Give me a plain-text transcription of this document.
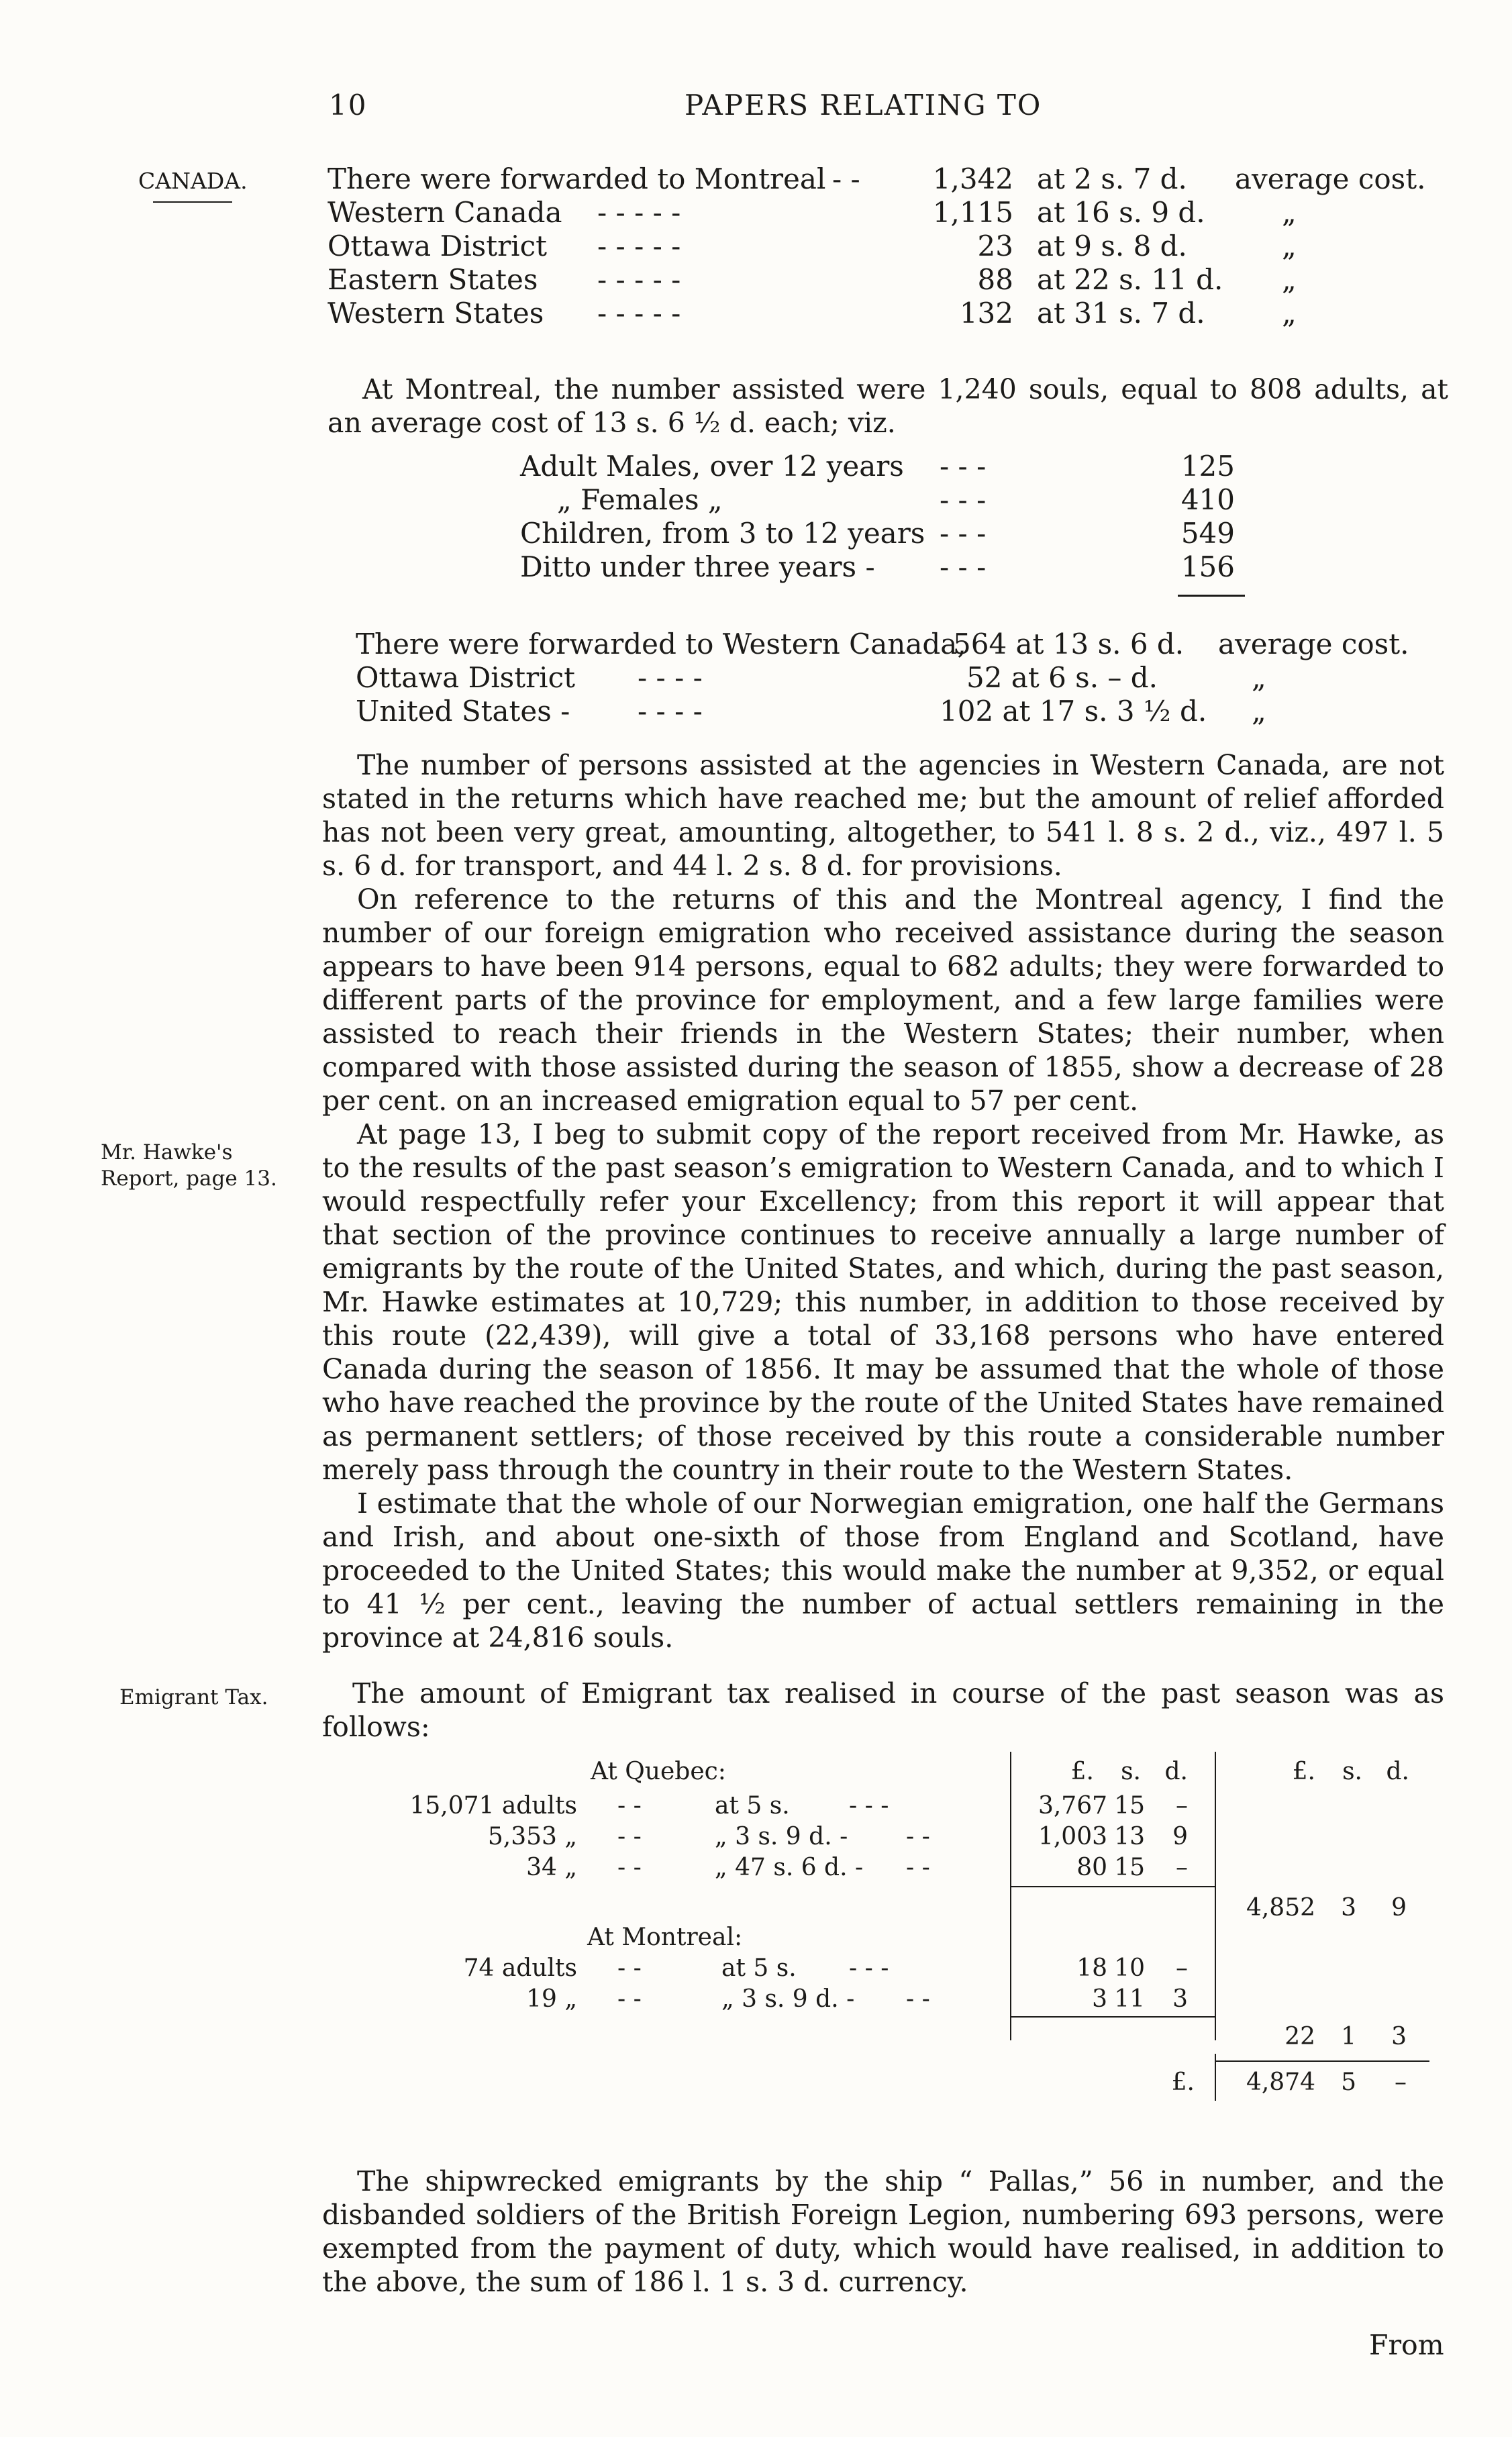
10	PAPERS RELATING TO
CANADA.
Mr. Hawke's
Report, page 13.
Emigrant Tax.
There were forwarded to Montreal - -	1,342 at 2 s. 7 d. average cost.
Western Canada - - - - -	1,115 at 16 s. 9 d.	„
Ottawa District - - - - -	23 at 9 s. 8 d.	„
Eastern States - - - - -	88 at 22 s. 11 d. „
Western States - - - - -	132 at 31 s. 7 d.	„

At Montreal, the number assisted were 1,240 souls, equal to 808 adults, at an average cost of 13 s. 6 ½ d. each; viz.

Adult Males, over 12 years - - -	125
„ Females „	- - -	410
Children, from 3 to 12 years - - -	549
Ditto under three years - - - -	156
There were forwarded to Western Canada,
564 at 13 s. 6 d. average cost.
Ottawa District - - - -	52 at 6 s. – d.	„
United States - - - - -	102 at 17 s. 3 ½ d. „

The number of persons assisted at the agencies in Western Canada, are not stated in the returns which have reached me; but the amount of relief afforded has not been very great, amounting, altogether, to 541 l. 8 s. 2 d., viz., 497 l. 5 s. 6 d. for transport, and 44 l. 2 s. 8 d. for provisions.

On reference to the returns of this and the Montreal agency, I find the number of our foreign emigration who received assistance during the season appears to have been 914 persons, equal to 682 adults; they were forwarded to different parts of the province for employment, and a few large families were assisted to reach their friends in the Western States; their number, when compared with those assisted during the season of 1855, show a decrease of 28 per cent. on an increased emigration equal to 57 per cent.

At page 13, I beg to submit copy of the report received from Mr. Hawke, as to the results of the past season’s emigration to Western Canada, and to which I would respectfully refer your Excellency; from this report it will appear that that section of the province continues to receive annually a large number of emigrants by the route of the United States, and which, during the past season, Mr. Hawke estimates at 10,729; this number, in addition to those received by this route (22,439), will give a total of 33,168 persons who have entered Canada during the season of 1856. It may be assumed that the whole of those who have reached the province by the route of the United States have remained as permanent settlers; of those received by this route a considerable number merely pass through the country in their route to the Western States.

I estimate that the whole of our Norwegian emigration, one half the Germans and Irish, and about one-sixth of those from England and Scotland, have proceeded to the United States; this would make the number at 9,352, or equal to 41 ½ per cent., leaving the number of actual settlers remaining in the province at 24,816 souls.

The amount of Emigrant tax realised in course of the past season was as follows:

At Quebec:	£.	s. d.	£.	s. d.
15,071 adults - -	at 5 s. - - -	3,767 15	–
5,353 „ - -	„ 3 s. 9 d. - - -	1,003 13	9
34 „ - -	„ 47 s. 6 d. - - -	80 15	–
4,852	3	9
At Montreal:
74 adults - -	at 5 s. - - -	18 10	–
19 „ - -	„ 3 s. 9 d. - - -	3 11	3
22	1	3
£.	4,874	5	–

The shipwrecked emigrants by the ship “ Pallas,” 56 in number, and the disbanded soldiers of the British Foreign Legion, numbering 693 persons, were exempted from the payment of duty, which would have realised, in addition to the above, the sum of 186 l. 1 s. 3 d. currency.

From
